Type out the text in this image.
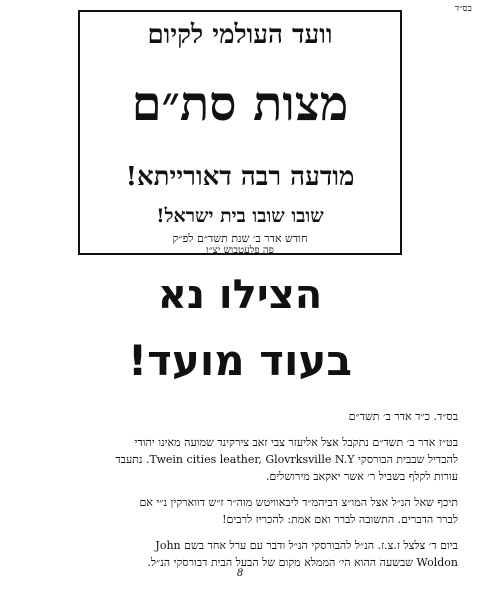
בס״ד
וועד העולמי לקיום
מצות סת״ם
מודעה רבה דאורייתא!
שובו שובו בית ישראל!
חודש אדר ב׳ שנת תשד״ם לפ״ק
פה פלעטבוש יצ״ו
הצילו נא
בעוד מועד!

בס״ד. כ״ד אדר ב׳ תשד״ם

בט״ז אדר ב׳ תשד״ם נתקבל אצל אליעזר צבי זאב צירקינד שמועה מאינו יהודי
להבדיל שבבית הבורסקי Twein cities leather, Glovrksville N.Y. נתעבד
עורות לקלף בשביל ר׳ אשר יאקאב מירושלים.

תיכף שאל הנ״ל אצל המו״צ דביהמ״ד ליבאוויטש מוה״ר ז״ש דווארקין נ״י אם
לברר הדברים. התשובה לברר ואם אמת: להכריז לרבים!

ביום ד׳ צלצל ז.צ.ז. הנ״ל להבורסקי הנ״ל ודבר עם ערל אחד בשם John
Woldon שבשעה ההוא הי׳ הממלא מקום של הבעל הבית דבורסקי הנ״ל.

8
